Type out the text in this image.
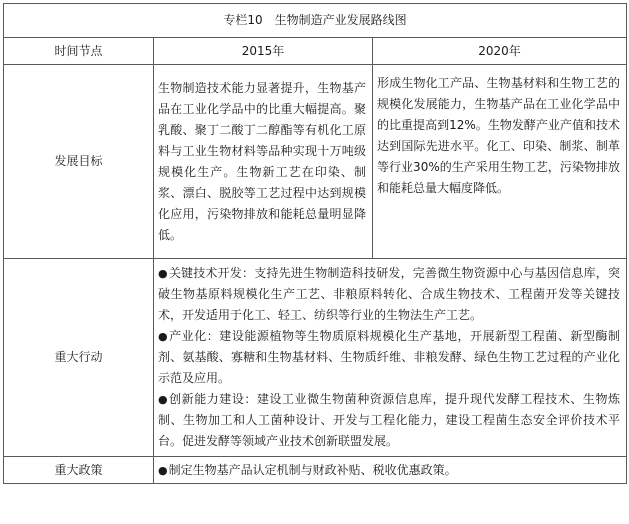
专栏10　生物制造产业发展路线图		
时间节点	2015年	2020年
发展目标	生物制造技术能力显著提升，生物基产品在工业化学品中的比重大幅提高。聚乳酸、聚丁二酸丁二醇酯等有机化工原料与工业生物材料等品种实现十万吨级规模化生产。生物新工艺在印染、制浆、漂白、脱胶等工艺过程中达到规模化应用，污染物排放和能耗总量明显降低。	形成生物化工产品、生物基材料和生物工艺的规模化发展能力，生物基产品在工业化学品中的比重提高到12%。生物发酵产业产值和技术达到国际先进水平。化工、印染、制浆、制革等行业30%的生产采用生物工艺，污染物排放和能耗总量大幅度降低。
重大行动	●关键技术开发：支持先进生物制造科技研发，完善微生物资源中心与基因信息库，突破生物基原料规模化生产工艺、非粮原料转化、合成生物技术、工程菌开发等关键技术，开发适用于化工、轻工、纺织等行业的生物法生产工艺。

●产业化：建设能源植物等生物质原料规模化生产基地，开展新型工程菌、新型酶制剂、氨基酸、寡糖和生物基材料、生物质纤维、非粮发酵、绿色生物工艺过程的产业化示范及应用。

●创新能力建设：建设工业微生物菌种资源信息库，提升现代发酵工程技术、生物炼制、生物加工和人工菌种设计、开发与工程化能力，建设工程菌生态安全评价技术平台。促进发酵等领域产业技术创新联盟发展。	

重大政策	●制定生物基产品认定机制与财政补贴、税收优惠政策。	
